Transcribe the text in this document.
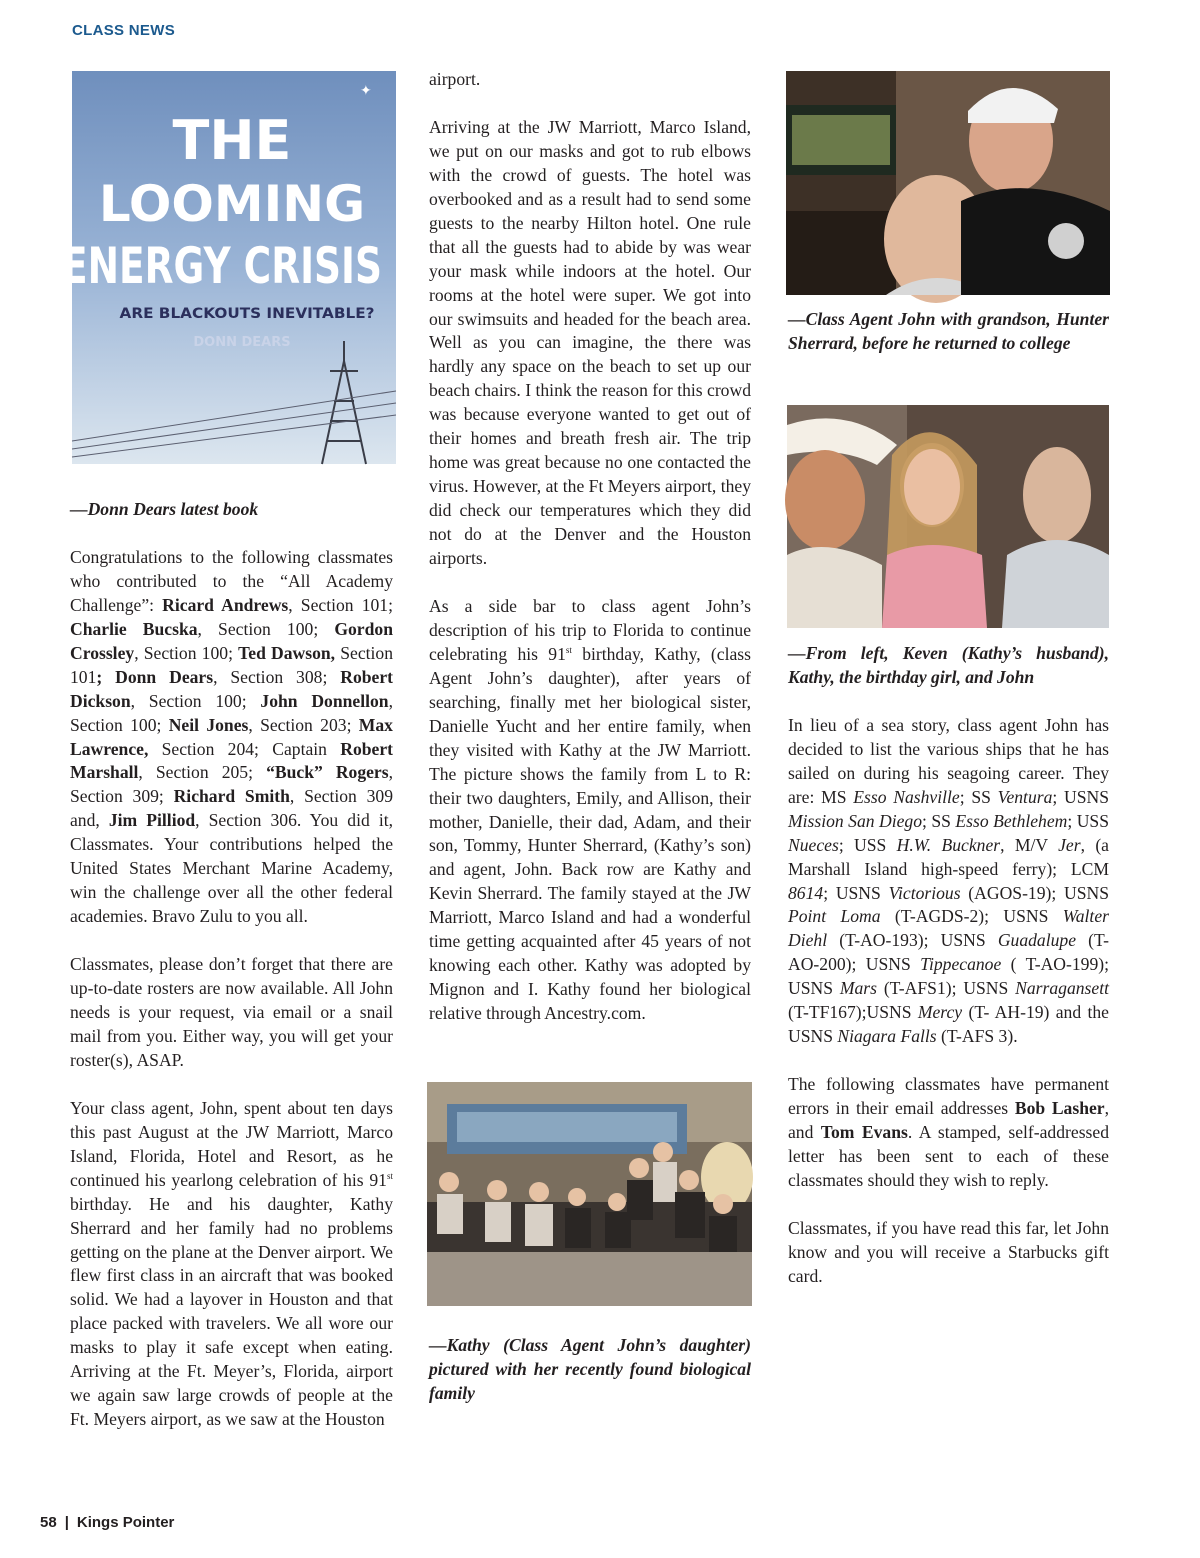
CLASS NEWS
THE
LOOMING
ENERGY CRISIS
ARE BLACKOUTS INEVITABLE?
DONN DEARS
✦

—Donn Dears latest book

Congratulations to the following classmates who contributed to the “All Academy Challenge”: Ricard Andrews, Section 101; Charlie Bucska, Section 100; Gordon Crossley, Section 100; Ted Dawson, Section 101; Donn Dears, Section 308; Robert Dickson, Section 100; John Donnellon, Section 100; Neil Jones, Section 203; Max Lawrence, Section 204; Captain Robert Marshall, Section 205; “Buck” Rogers, Section 309; Richard Smith, Section 309 and, Jim Pilliod, Section 306. You did it, Classmates. Your contributions helped the United States Merchant Marine Academy, win the challenge over all the other federal academies. Bravo Zulu to you all.

Classmates, please don’t forget that there are up-to-date rosters are now available. All John needs is your request, via email or a snail mail from you. Either way, you will get your roster(s), ASAP.

Your class agent, John, spent about ten days this past August at the JW Marriott, Marco Island, Florida, Hotel and Resort, as he continued his yearlong celebration of his 91st birthday. He and his daughter, Kathy Sherrard and her family had no problems getting on the plane at the Denver airport. We flew first class in an aircraft that was booked solid. We had a layover in Houston and that place packed with travelers. We all wore our masks to play it safe except when eating. Arriving at the Ft. Meyer’s, Florida, airport we again saw large crowds of people at the Ft. Meyers airport, as we saw at the Houston

airport.

Arriving at the JW Marriott, Marco Island, we put on our masks and got to rub elbows with the crowd of guests. The hotel was overbooked and as a result had to send some guests to the nearby Hilton hotel. One rule that all the guests had to abide by was wear your mask while indoors at the hotel. Our rooms at the hotel were super. We got into our swimsuits and headed for the beach area. Well as you can imagine, the there was hardly any space on the beach to set up our beach chairs. I think the reason for this crowd was because everyone wanted to get out of their homes and breath fresh air. The trip home was great because no one contacted the virus. However, at the Ft Meyers airport, they did check our temperatures which they did not do at the Denver and the Houston airports.

As a side bar to class agent John’s description of his trip to Florida to continue celebrating his 91st birthday, Kathy, (class Agent John’s daughter), after years of searching, finally met her biological sister, Danielle Yucht and her entire family, when they visited with Kathy at the JW Marriott. The picture shows the family from L to R: their two daughters, Emily, and Allison, their mother, Danielle, their dad, Adam, and their son, Tommy, Hunter Sherrard, (Kathy’s son) and agent, John. Back row are Kathy and Kevin Sherrard. The family stayed at the JW Marriott, Marco Island and had a wonderful time getting acquainted after 45 years of not knowing each other. Kathy was adopted by Mignon and I. Kathy found her biological relative through Ancestry.com.

—Kathy (Class Agent John’s daughter) pictured with her recently found biological family

—Class Agent John with grandson, Hunter Sherrard, before he returned to college

—From left, Keven (Kathy’s husband), Kathy, the birthday girl, and John

In lieu of a sea story, class agent John has decided to list the various ships that he has sailed on during his seagoing career. They are: MS Esso Nashville; SS Ventura; USNS Mission San Diego; SS Esso Bethlehem; USS Nueces; USS H.W. Buckner, M/V Jer, (a Marshall Island high-speed ferry); LCM 8614; USNS Victorious (AGOS-19); USNS Point Loma (T-AGDS-2); USNS Walter Diehl (T-AO-193); USNS Guadalupe (T-AO-200); USNS Tippecanoe ( T-AO-199); USNS Mars (T-AFS1); USNS Narragansett (T-TF167);USNS Mercy (T- AH-19) and the USNS Niagara Falls (T-AFS 3).

The following classmates have permanent errors in their email addresses Bob Lasher, and Tom Evans. A stamped, self-addressed letter has been sent to each of these classmates should they wish to reply.

Classmates, if you have read this far, let John know and you will receive a Starbucks gift card.

58 | Kings Pointer
